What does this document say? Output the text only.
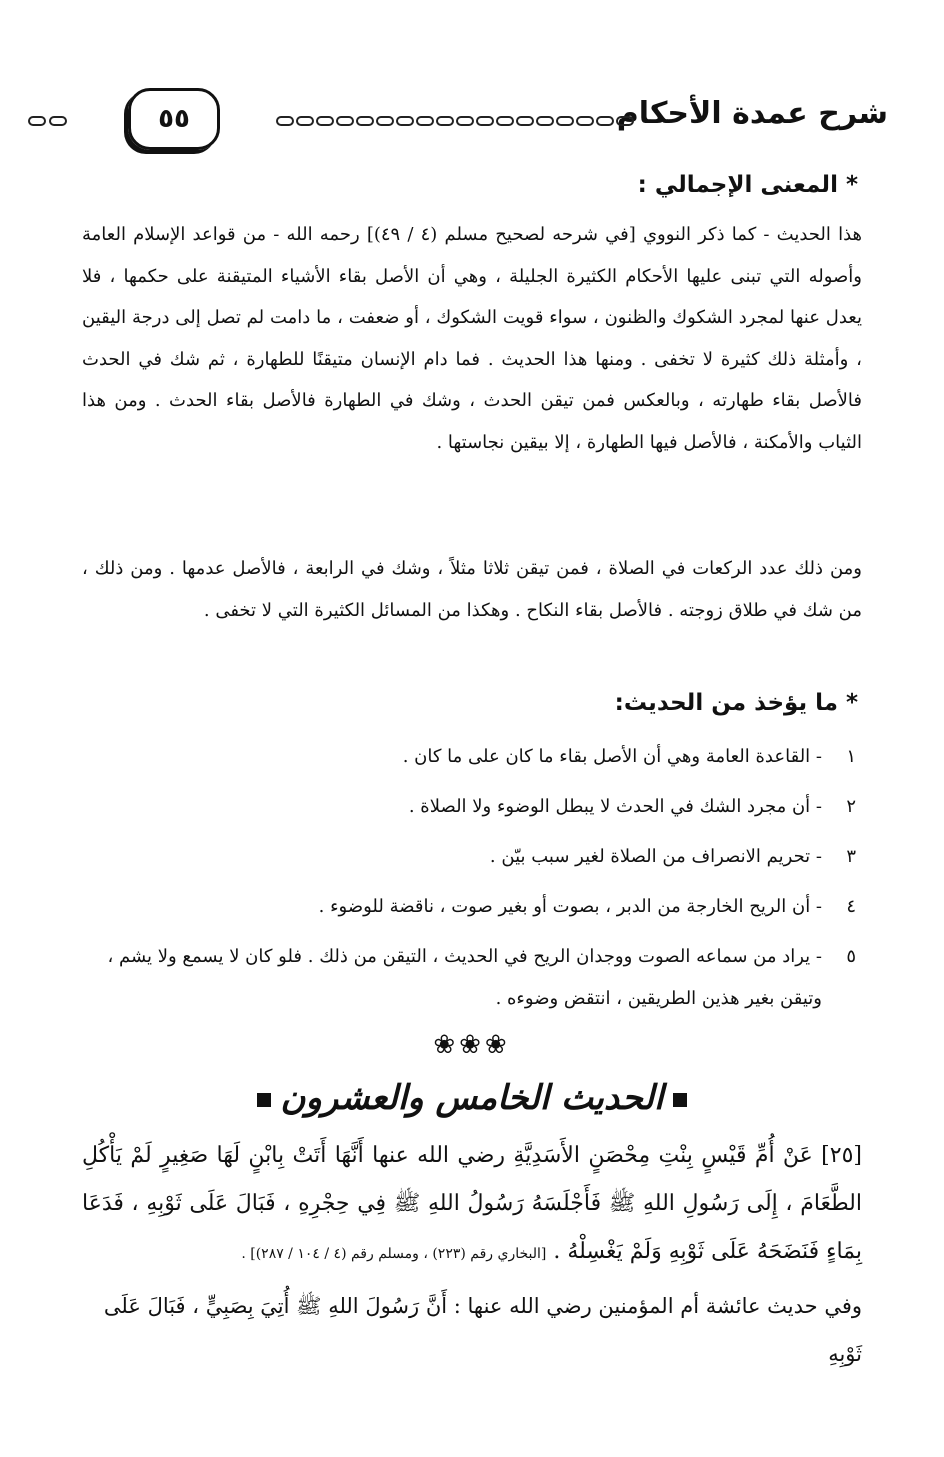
شرح عمدة الأحكام
٥٥
* المعنى الإجمالي :
هذا الحديث - كما ذكر النووي [في شرحه لصحيح مسلم (٤ / ٤٩)] رحمه الله - من قواعد الإسلام العامة وأصوله التي تبنى عليها الأحكام الكثيرة الجليلة ، وهي أن الأصل بقاء الأشياء المتيقنة على حكمها ، فلا يعدل عنها لمجرد الشكوك والظنون ، سواء قويت الشكوك ، أو ضعفت ، ما دامت لم تصل إلى درجة اليقين ، وأمثلة ذلك كثيرة لا تخفى . ومنها هذا الحديث . فما دام الإنسان متيقنًا للطهارة ، ثم شك في الحدث فالأصل بقاء طهارته ، وبالعكس فمن تيقن الحدث ، وشك في الطهارة فالأصل بقاء الحدث . ومن هذا الثياب والأمكنة ، فالأصل فيها الطهارة ، إلا بيقين نجاستها .
ومن ذلك عدد الركعات في الصلاة ، فمن تيقن ثلاثا مثلاً ، وشك في الرابعة ، فالأصل عدمها . ومن ذلك ، من شك في طلاق زوجته . فالأصل بقاء النكاح . وهكذا من المسائل الكثيرة التي لا تخفى .
* ما يؤخذ من الحديث:
١
- القاعدة العامة وهي أن الأصل بقاء ما كان على ما كان .
٢
- أن مجرد الشك في الحدث لا يبطل الوضوء ولا الصلاة .
٣
- تحريم الانصراف من الصلاة لغير سبب بيّن .
٤
- أن الريح الخارجة من الدبر ، بصوت أو بغير صوت ، ناقضة للوضوء .
٥
- يراد من سماعه الصوت ووجدان الريح في الحديث ، التيقن من ذلك . فلو كان لا يسمع ولا يشم ، وتيقن بغير هذين الطريقين ، انتقض وضوءه .
❀❀❀
الحديث الخامس والعشرون
[٢٥] عَنْ أُمِّ قَيْسٍ بِنْتِ مِحْصَنٍ الأَسَدِيَّةِ رضي الله عنها أَنَّهَا أَتَتْ بِابْنٍ لَهَا صَغِيرٍ لَمْ يَأْكُلِ الطَّعَامَ ، إِلَى رَسُولِ اللهِ ﷺ فَأَجْلَسَهُ رَسُولُ اللهِ ﷺ فِي حِجْرِهِ ، فَبَالَ عَلَى ثَوْبِهِ ، فَدَعَا بِمَاءٍ فَنَضَحَهُ عَلَى ثَوْبِهِ وَلَمْ يَغْسِلْهُ . [البخاري رقم (٢٢٣) ، ومسلم رقم (٤ / ١٠٤ / ٢٨٧)] .
وفي حديث عائشة أم المؤمنين رضي الله عنها : أَنَّ رَسُولَ اللهِ ﷺ أُتِيَ بِصَبِيٍّ ، فَبَالَ عَلَى ثَوْبِهِ
